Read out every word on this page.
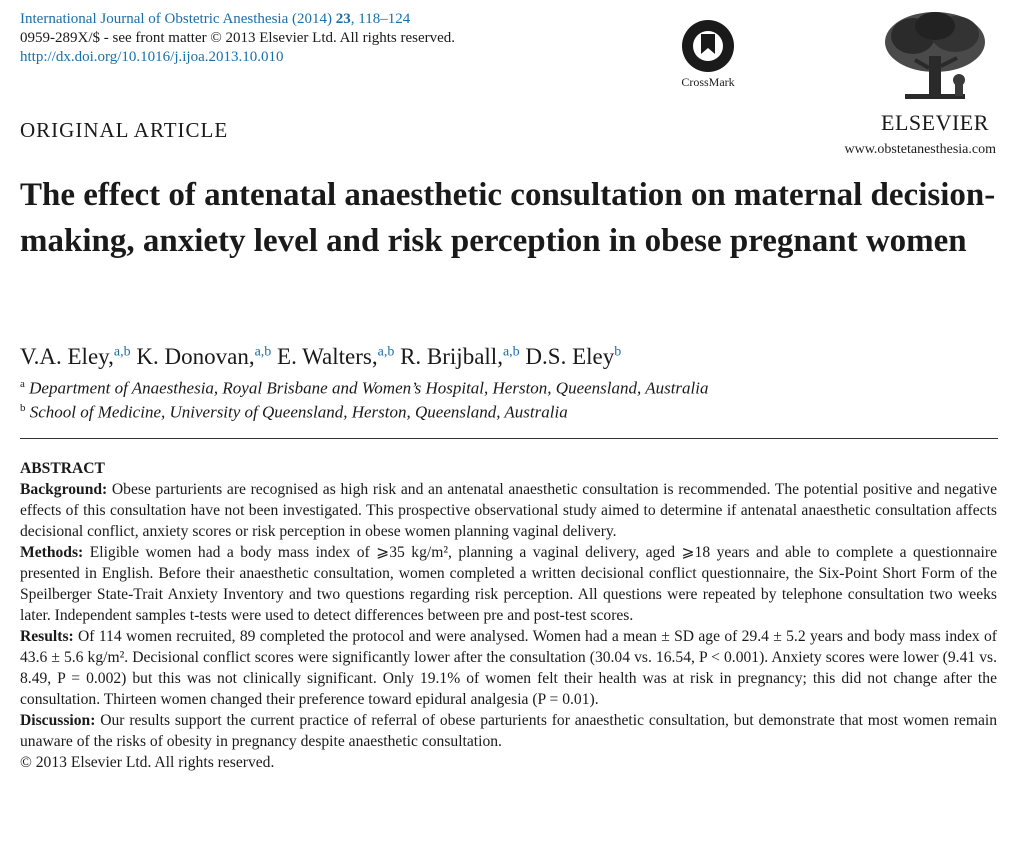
International Journal of Obstetric Anesthesia (2014) 23, 118–124
0959-289X/$ - see front matter © 2013 Elsevier Ltd. All rights reserved.
http://dx.doi.org/10.1016/j.ijoa.2013.10.010
CrossMark
ELSEVIER
www.obstetanesthesia.com
ORIGINAL ARTICLE
The effect of antenatal anaesthetic consultation on maternal decision-making, anxiety level and risk perception in obese pregnant women
V.A. Eley,$^{a,b}$ K. Donovan,$^{a,b}$ E. Walters,$^{a,b}$ R. Brijball,$^{a,b}$ D.S. Eley$^b$
$^a$ Department of Anaesthesia, Royal Brisbane and Women’s Hospital, Herston, Queensland, Australia
$^b$ School of Medicine, University of Queensland, Herston, Queensland, Australia

ABSTRACT

Background: Obese parturients are recognised as high risk and an antenatal anaesthetic consultation is recommended. The potential positive and negative effects of this consultation have not been investigated. This prospective observational study aimed to determine if antenatal anaesthetic consultation affects decisional conflict, anxiety scores or risk perception in obese women planning vaginal delivery.

Methods: Eligible women had a body mass index of ⩾35 kg/m², planning a vaginal delivery, aged ⩾18 years and able to complete a questionnaire presented in English. Before their anaesthetic consultation, women completed a written decisional conflict questionnaire, the Six-Point Short Form of the Speilberger State-Trait Anxiety Inventory and two questions regarding risk perception. All questions were repeated by telephone consultation two weeks later. Independent samples t-tests were used to detect differences between pre and post-test scores.

Results: Of 114 women recruited, 89 completed the protocol and were analysed. Women had a mean ± SD age of 29.4 ± 5.2 years and body mass index of 43.6 ± 5.6 kg/m². Decisional conflict scores were significantly lower after the consultation (30.04 vs. 16.54, P < 0.001). Anxiety scores were lower (9.41 vs. 8.49, P = 0.002) but this was not clinically significant. Only 19.1% of women felt their health was at risk in pregnancy; this did not change after the consultation. Thirteen women changed their preference toward epidural analgesia (P = 0.01).

Discussion: Our results support the current practice of referral of obese parturients for anaesthetic consultation, but demonstrate that most women remain unaware of the risks of obesity in pregnancy despite anaesthetic consultation.

© 2013 Elsevier Ltd. All rights reserved.
